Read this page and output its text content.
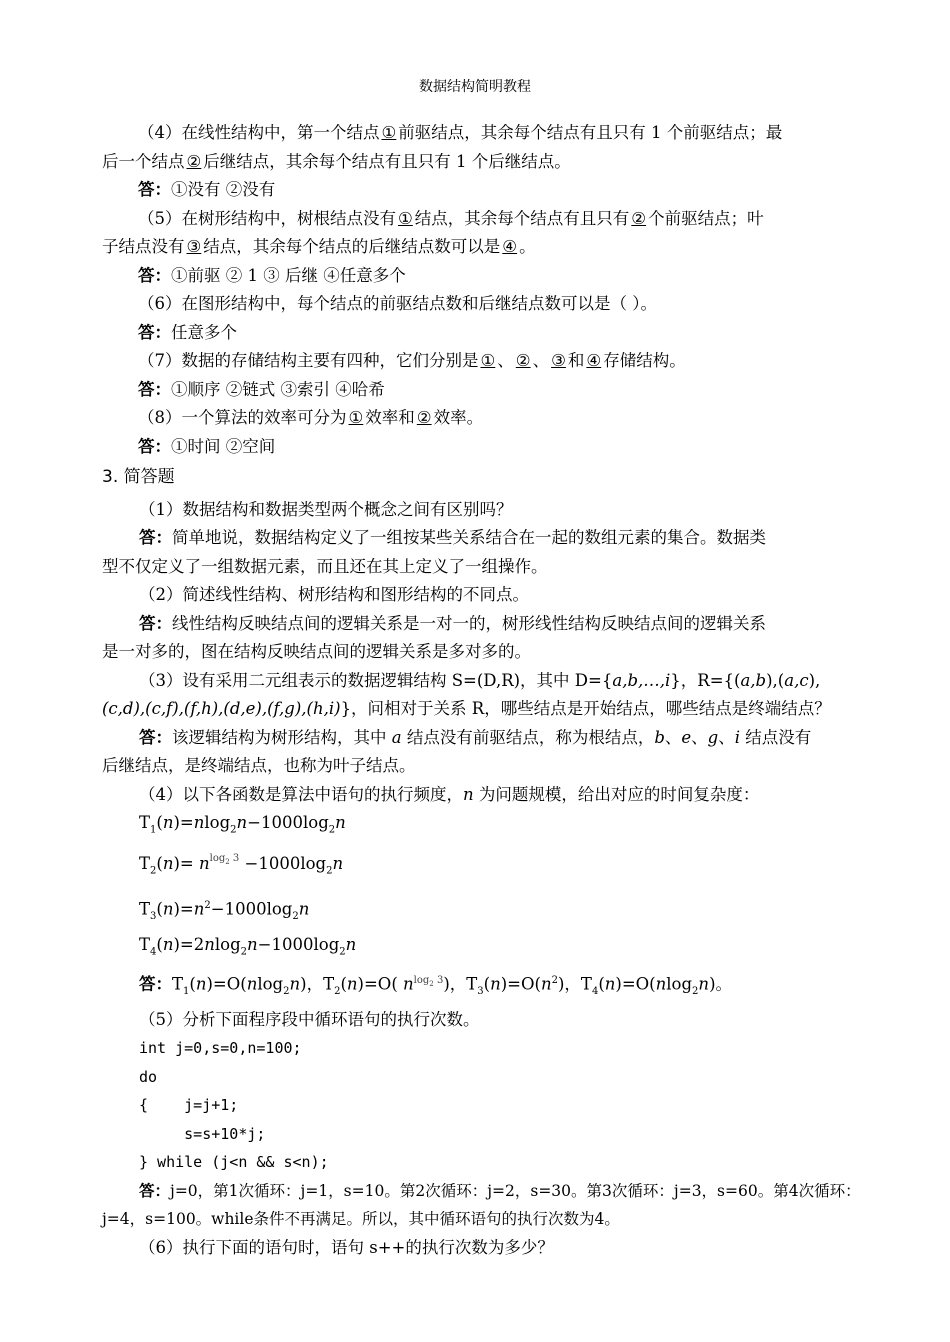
数据结构简明教程
（4）在线性结构中，第一个结点 ① 前驱结点，其余每个结点有且只有 1 个前驱结点；最
后一个结点 ② 后继结点，其余每个结点有且只有 1 个后继结点。
答：①没有 ②没有
（5）在树形结构中，树根结点没有 ① 结点，其余每个结点有且只有 ② 个前驱结点；叶
子结点没有 ③ 结点，其余每个结点的后继结点数可以是 ④ 。
答：①前驱 ② 1 ③ 后继 ④任意多个
（6）在图形结构中，每个结点的前驱结点数和后继结点数可以是（ ）。
答：任意多个
（7）数据的存储结构主要有四种，它们分别是 ① 、 ② 、 ③ 和 ④ 存储结构。
答：①顺序 ②链式 ③索引 ④哈希
（8）一个算法的效率可分为 ① 效率和 ② 效率。
答：①时间 ②空间
3. 简答题
（1）数据结构和数据类型两个概念之间有区别吗？
答：简单地说，数据结构定义了一组按某些关系结合在一起的数组元素的集合。数据类
型不仅定义了一组数据元素，而且还在其上定义了一组操作。
（2）简述线性结构、树形结构和图形结构的不同点。
答：线性结构反映结点间的逻辑关系是一对一的，树形线性结构反映结点间的逻辑关系
是一对多的，图在结构反映结点间的逻辑关系是多对多的。
（3）设有采用二元组表示的数据逻辑结构 S=(D,R)，其中 D={a,b,…,i}，R={(a,b),(a,c),
(c,d),(c,f),(f,h),(d,e),(f,g),(h,i)}，问相对于关系 R，哪些结点是开始结点，哪些结点是终端结点？
答：该逻辑结构为树形结构，其中 a 结点没有前驱结点，称为根结点，b、e、g、i 结点没有
后继结点，是终端结点，也称为叶子结点。
（4）以下各函数是算法中语句的执行频度，n 为问题规模，给出对应的时间复杂度：
$T_1(n)=nlog_2n-1000\log_2n$
$T_2(n)= n^{log_2 3} -1000\log_2n$
$T_3(n)=n^2-1000\log_2n$
$T_4(n)=2nlog_2n-1000\log_2n$
答：$T_1(n)=O(nlog_2n)$，$T_2(n)=O$( $n^{log_2 3}$)，$T_3(n)=O(n^2)$，$T_4(n)=O(nlog_2n)$。
（5）分析下面程序段中循环语句的执行次数。
int j=0,s=0,n=100;
do
{    j=j+1;
s=s+10*j;
} while (j<n && s<n);
答：j=0，第1次循环：j=1，s=10。第2次循环：j=2，s=30。第3次循环：j=3，s=60。第4次循环：
j=4，s=100。while条件不再满足。所以，其中循环语句的执行次数为4。
（6）执行下面的语句时，语句 s++的执行次数为多少？
